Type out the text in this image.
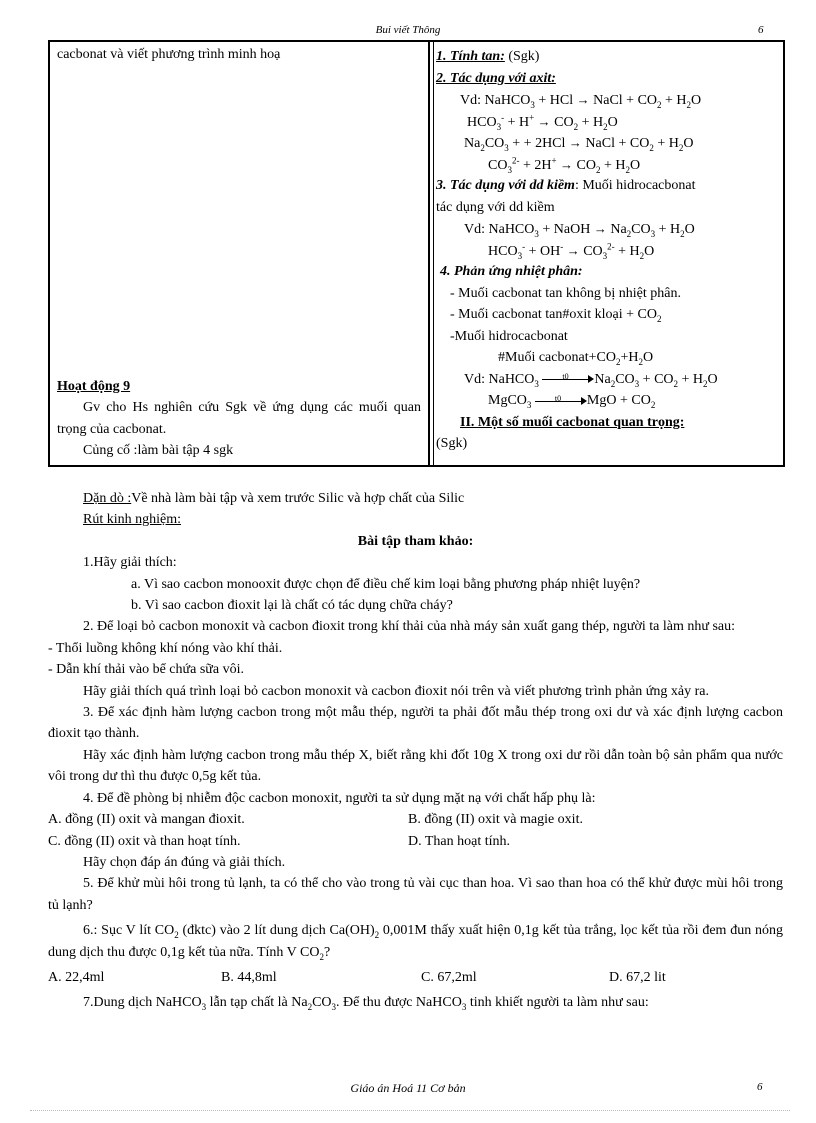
Bui viết Thông	6
cacbonat và viết phương trình minh hoạ
Hoạt động 9
Gv cho Hs nghiên cứu Sgk về ứng dụng các muối quan trọng của cacbonat.
Củng cố :làm bài tập 4 sgk
1. Tính tan: (Sgk)
2. Tác dụng với axit:
Vd: NaHCO$_3$ + HCl → NaCl + $CO_2 + H_2O$
$HCO_3^- + H^+ \to CO_2 + H_2O$
$Na_2CO_3$ + + 2HCl → NaCl + $CO_2 + H_2O$
$CO_3^{2-} + 2H^+ \to CO_2 + H_2O$
3. Tác dụng với dd kiềm: Muối hidrocacbonat
tác dụng với dd kiềm
Vd: NaHCO$_3$ + NaOH → $Na_2CO_3 + H_2O$
$HCO_3^- + OH^- \to CO_3^{2-} + H_2O$
4. Phản ứng nhiệt phân:
- Muối cacbonat tan không bị nhiệt phân.
- Muối cacbonat tan#oxit kloại + $CO_2$
-Muối hidrocacbonat
#Muối $cacbonat+CO_2+H_2O$
Vd: NaHCO$_3$
t0 $Na_2CO_3 + CO_2 + H_2O$
MgCO$_3$
t0 MgO + $CO_2$
II. Một số muối cacbonat quan trọng:
(Sgk)
Dặn dò :Về nhà làm bài tập và xem trước Silic và hợp chất của Silic
Rút kinh nghiệm:
Bài tập tham khảo:
1.Hãy giải thích:
a. Vì sao cacbon monooxit được chọn để điều chế kim loại bằng phương pháp nhiệt luyện?
b. Vì sao cacbon đioxit lại là chất có tác dụng chữa cháy?
2. Để loại bỏ cacbon monoxit và cacbon đioxit trong khí thải của nhà máy sản xuất gang thép, người ta làm như sau:
- Thổi luồng không khí nóng vào khí thải.
- Dẫn khí thải vào bể chứa sữa vôi.
Hãy giải thích quá trình loại bỏ cacbon monoxit và cacbon đioxit nói trên và viết phương trình phản ứng xảy ra.
3. Để xác định hàm lượng cacbon trong một mẫu thép, người ta phải đốt mẫu thép trong oxi dư và xác định lượng cacbon đioxit tạo thành.
Hãy xác định hàm lượng cacbon trong mẫu thép X, biết rằng khi đốt 10g X trong oxi dư rồi dẫn toàn bộ sản phẩm qua nước vôi trong dư thì thu được 0,5g kết tủa.
4. Để đề phòng bị nhiễm độc cacbon monoxit, người ta sử dụng mặt nạ với chất hấp phụ là:
A. đồng (II) oxit và mangan đioxit.	B. đồng (II) oxit và magie oxit.
C. đồng (II) oxit và than hoạt tính.	D. Than hoạt tính.
Hãy chọn đáp án đúng và giải thích.
5. Để khử mùi hôi trong tủ lạnh, ta có thể cho vào trong tủ vài cục than hoa. Vì sao than hoa có thể khử được mùi hôi trong tủ lạnh?
6.: Sục V lít $CO_2$ (đktc) vào 2 lít dung dịch $Ca(OH)_2$ 0,001M thấy xuất hiện 0,1g kết tủa trắng, lọc kết tủa rồi đem đun nóng dung dịch thu được 0,1g kết tủa nữa. Tính V $CO_2$?
A. 22,4ml	B. 44,8ml	C. 67,2ml	D. 67,2 lit
7.Dung dịch NaHCO$_3$ lẫn tạp chất là $Na_2CO_3$. Để thu được NaHCO$_3$ tinh khiết người ta làm như sau:
Giáo án Hoá 11 Cơ bản	6
